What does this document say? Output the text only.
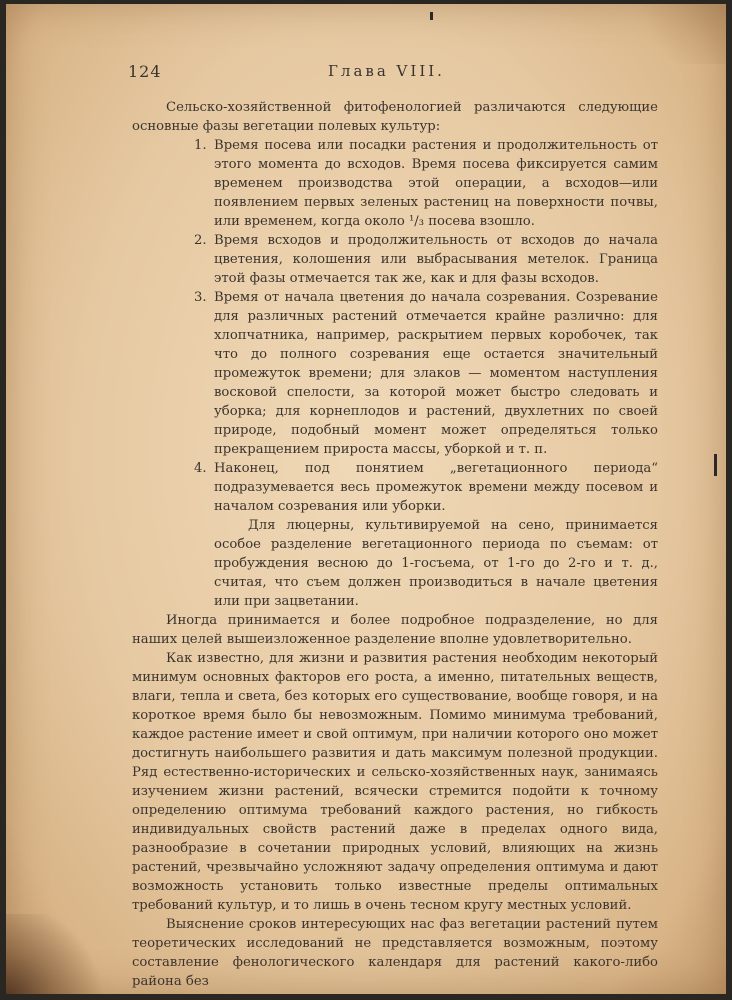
124	Глава VIII.

Сельско-хозяйственной фитофенологией различаются следующие основные фазы вегетации полевых культур:

1. Время посева или посадки растения и продолжительность от этого момента до всходов. Время посева фиксируется самим временем производства этой операции, а всходов—или появлением первых зеленых растениц на поверхности почвы, или временем, когда около ¹/₃ посева взошло.
2. Время всходов и продолжительность от всходов до начала цветения, колошения или выбрасывания метелок. Граница этой фазы отмечается так же, как и для фазы всходов.
3. Время от начала цветения до начала созревания. Созревание для различных растений отмечается крайне различно: для хлопчатника, например, раскрытием первых коробочек, так что до полного созревания еще остается значительный промежуток времени; для злаков — моментом наступления восковой спелости, за которой может быстро следовать и уборка; для корнеплодов и растений, двухлетних по своей природе, подобный момент может определяться только прекращением прироста массы, уборкой и т. п.
4. Наконец, под понятием „вегетационного периода“ подразумевается весь промежуток времени между посевом и началом созревания или уборки.

Для люцерны, культивируемой на сено, принимается особое разделение вегетационного периода по съемам: от пробуждения весною до 1-госъема, от 1-го до 2-го и т. д., считая, что съем должен производиться в начале цветения или при зацветании.

Иногда принимается и более подробное подразделение, но для наших целей вышеизложенное разделение вполне удовлетворительно.

Как известно, для жизни и развития растения необходим некоторый минимум основных факторов его роста, а именно, питательных веществ, влаги, тепла и света, без которых его существование, вообще говоря, и на короткое время было бы невозможным. Помимо минимума требований, каждое растение имеет и свой оптимум, при наличии которого оно может достигнуть наибольшего развития и дать максимум полезной продукции. Ряд естественно-исторических и сельско-хозяйственных наук, занимаясь изучением жизни растений, всячески стремится подойти к точному определению оптимума требований каждого растения, но гибкость индивидуальных свойств растений даже в пределах одного вида, разнообразие в сочетании природных условий, влияющих на жизнь растений, чрезвычайно усложняют задачу определения оптимума и дают возможность установить только известные пределы оптимальных требований культур, и то лишь в очень тесном кругу местных условий.

Выяснение сроков интересующих нас фаз вегетации растений путем теоретических исследований не представляется возможным, поэтому составление фенологического календаря для растений какого-либо района без
